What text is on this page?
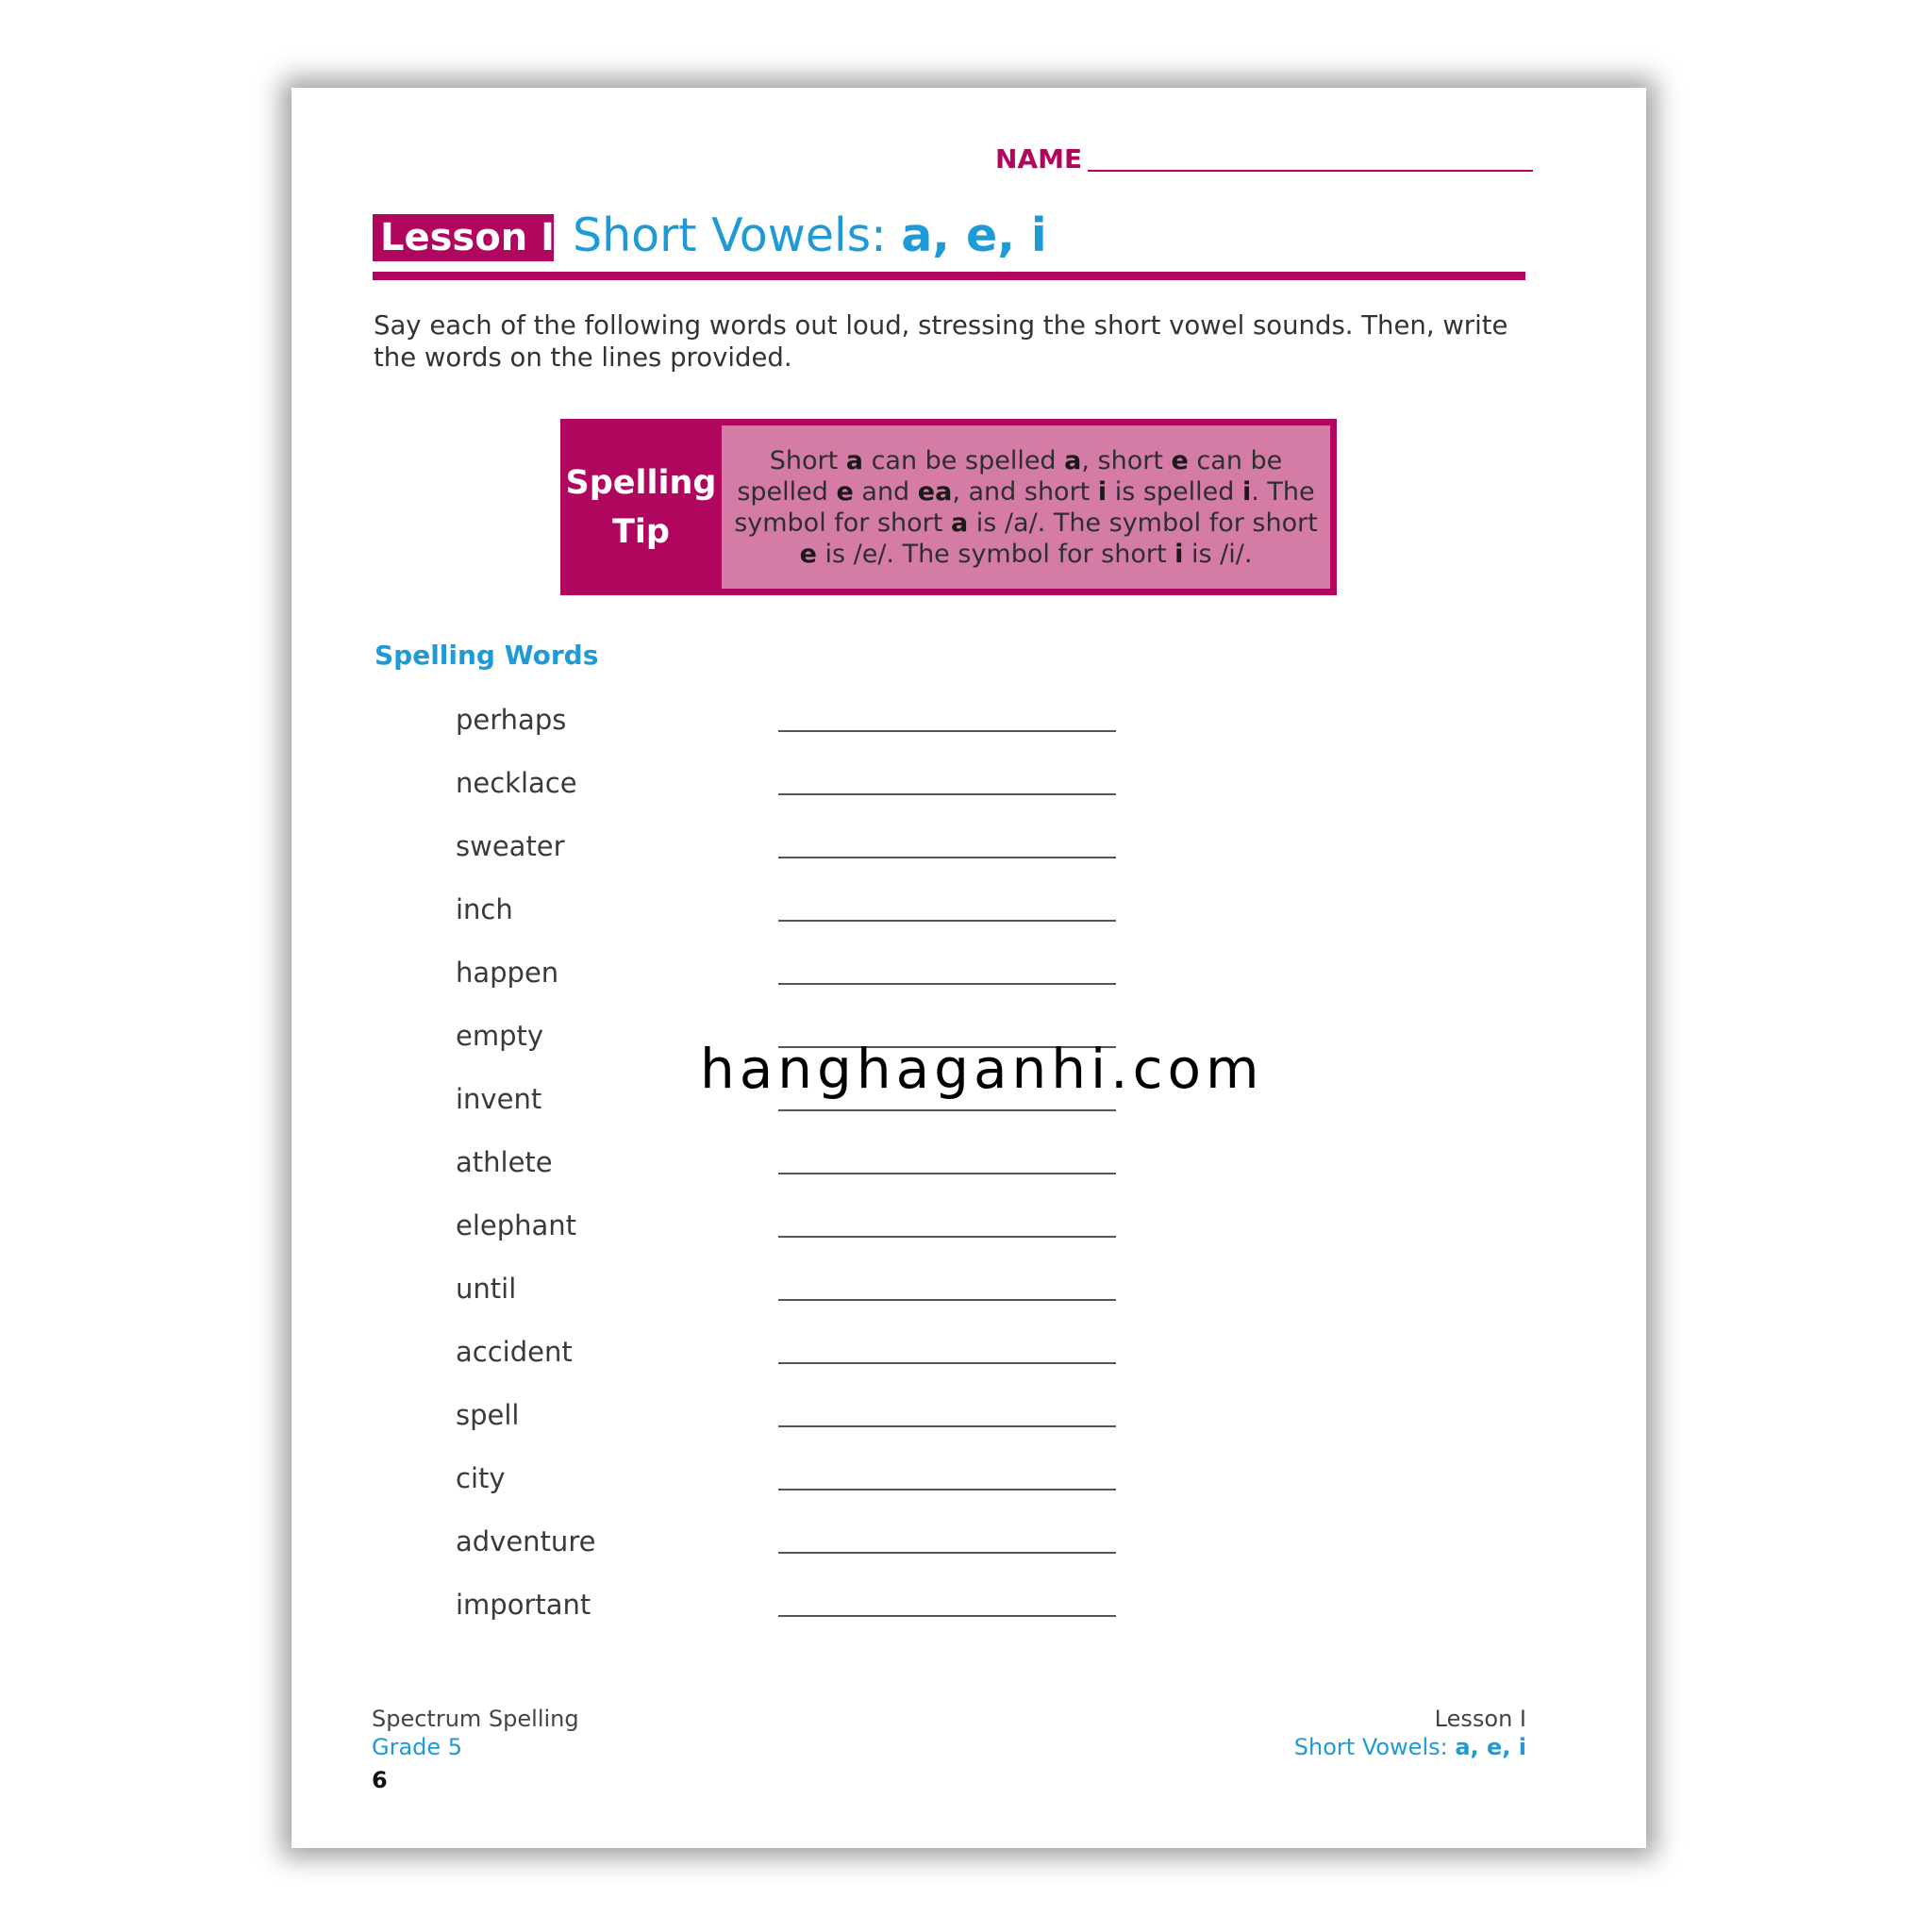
NAME
Lesson I Short Vowels: a, e, i
Say each of the following words out loud, stressing the short vowel sounds. Then, write the words on the lines provided.
Spelling
Tip

Short a can be spelled a, short e can be spelled e and ea, and short i is spelled i. The symbol for short a is /a/. The symbol for short e is /e/. The symbol for short i is /i/.

Spelling Words
perhaps
necklace
sweater
inch
happen
empty
invent
athlete
elephant
until
accident
spell
city
adventure
important
hanghaganhi.com
Spectrum Spelling
Grade 5
6
Lesson I
Short Vowels: a, e, i
